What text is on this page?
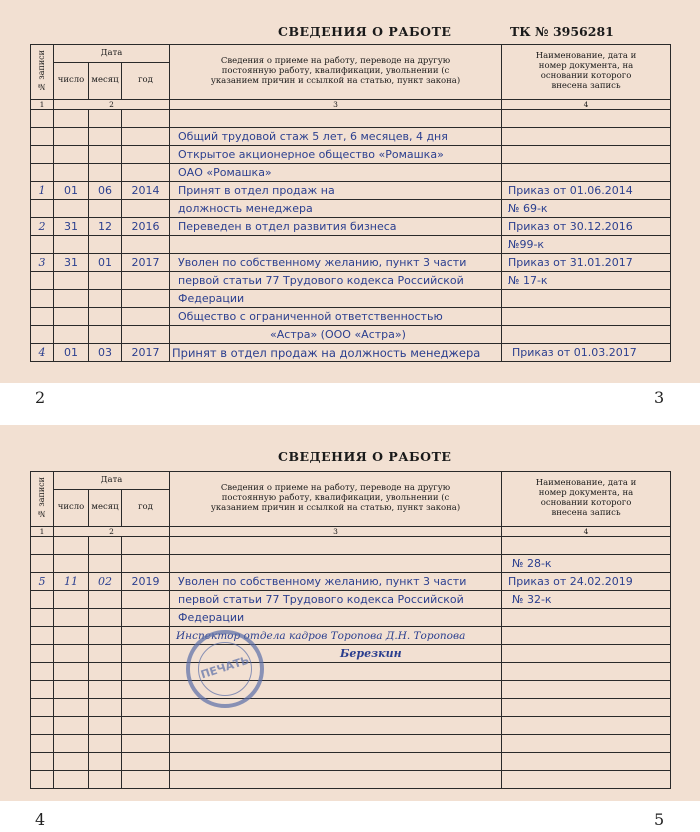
СВЕДЕНИЯ О РАБОТЕ	ТК № 3956281
№ записи	Дата			Сведения о приеме на работу, переводе на другую постоянную работу, квалификации, увольнении (с указанием причин и ссылкой на статью, пункт закона)	Наименование, дата и номер документа, на основании которого внесена запись
	число	месяц	год		
1	2			3	4

				Общий трудовой стаж 5 лет, 6 месяцев, 4 дня	
				Открытое акционерное общество «Ромашка»	
				ОАО «Ромашка»	
1	01	06	2014	Принят в отдел продаж на	Приказ от 01.06.2014
				должность менеджера	№ 69-к
2	31	12	2016	Переведен в отдел развития бизнеса	Приказ от 30.12.2016
					№99-к
3	31	01	2017	Уволен по собственному желанию, пункт 3 части	Приказ от 31.01.2017
				первой статьи 77 Трудового кодекса Российской	№ 17-к
				Федерации	
				Общество с ограниченной ответственностью	
				«Астра» (ООО «Астра»)	
4	01	03	2017	Принят в отдел продаж на должность менеджера	Приказ от 01.03.2017
2	3
СВЕДЕНИЯ О РАБОТЕ
№ записи	Дата			Сведения о приеме на работу, переводе на другую постоянную работу, квалификации, увольнении (с указанием причин и ссылкой на статью, пункт закона)	Наименование, дата и номер документа, на основании которого внесена запись
	число	месяц	год		
1	2			3	4

					№ 28-к
5	11	02	2019	Уволен по собственному желанию, пункт 3 части	Приказ от 24.02.2019
				первой статьи 77 Трудового кодекса Российской	№ 32-к
				Федерации	
				Инспектор отдела кадров Торопова Д.Н. Торопова	
				Березкин	

ПЕЧАТЬ
4	5
